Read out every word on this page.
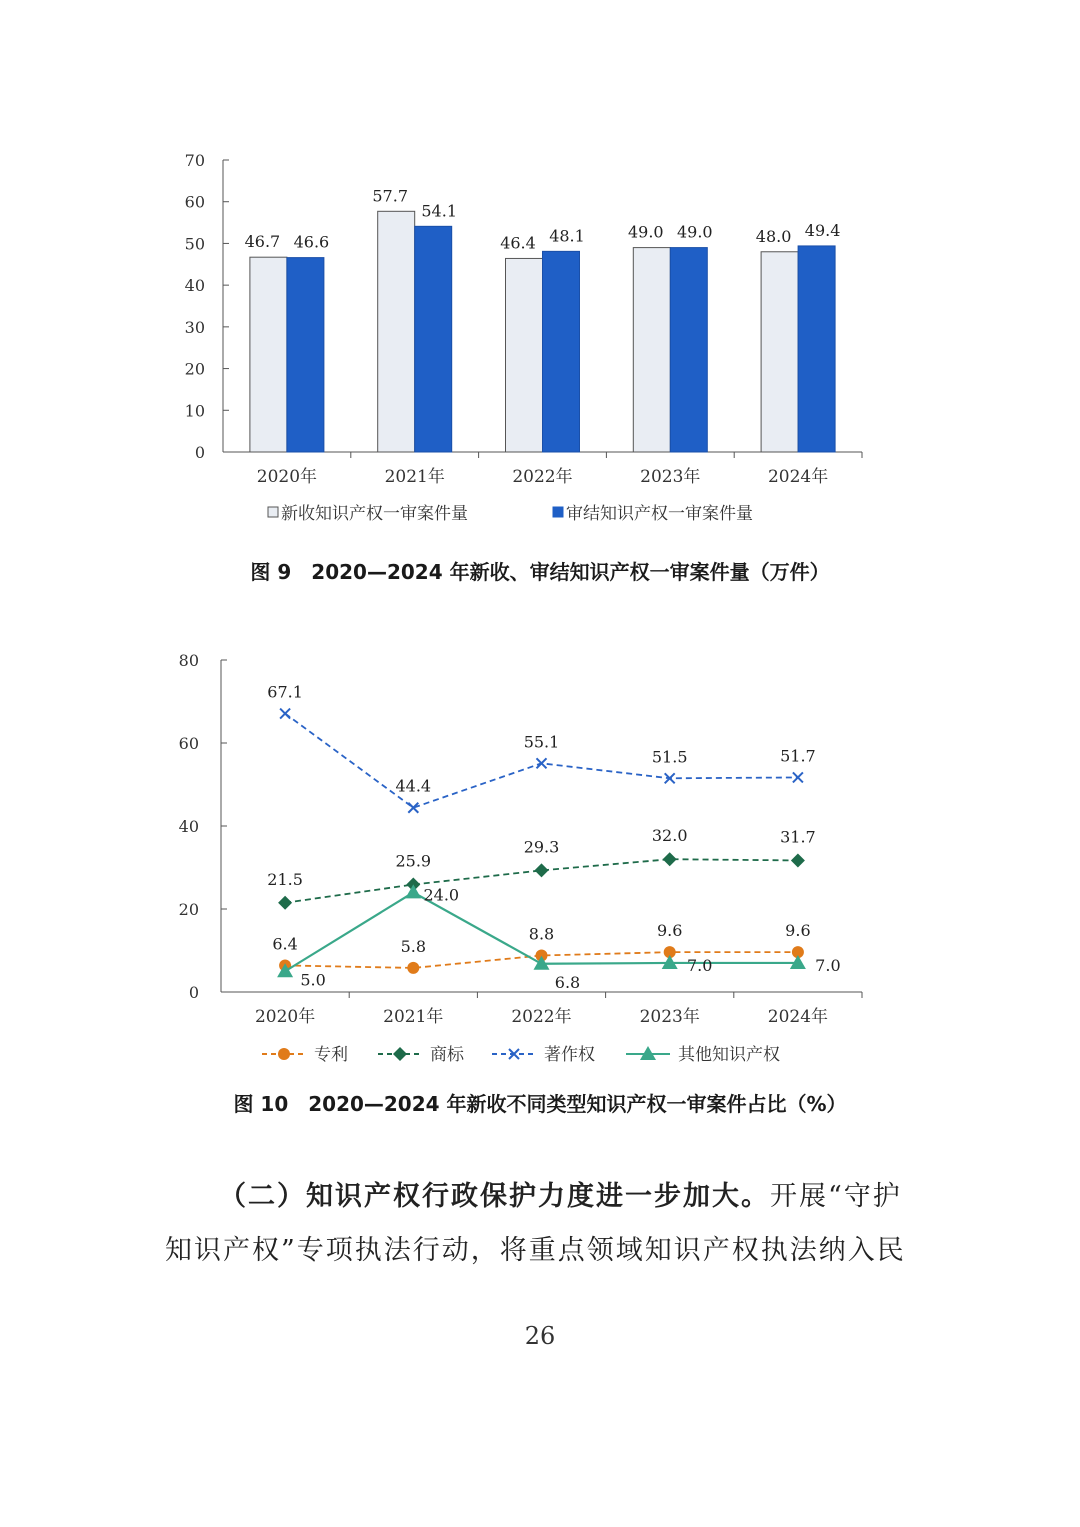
0
10
20
30
40
50
60
70
2020年
46.7 46.6
2021年
57.7
54.1
2022年
46.4 48.1
2023年
49.0 49.0
2024年
48.0 49.4
新收知识产权一审案件量	审结知识产权一审案件量
0
20
40
60
80
2020年	2021年	2022年	2023年	2024年
6.4	5.8
8.8	9.6	9.6
21.5
25.9
29.3
32.0	31.7
67.1
44.4
55.1
51.5	51.7
5.0
24.0
6.8
7.0	7.0
专利	商标	著作权	其他知识产权
图 9　2020—2024 年新收、审结知识产权一审案件量（万件）
图 10　2020—2024 年新收不同类型知识产权一审案件占比（%）
（二）知识产权行政保护力度进一步加大。开展“守护知识产权”专项执法行动，将重点领域知识产权执法纳入民
26
